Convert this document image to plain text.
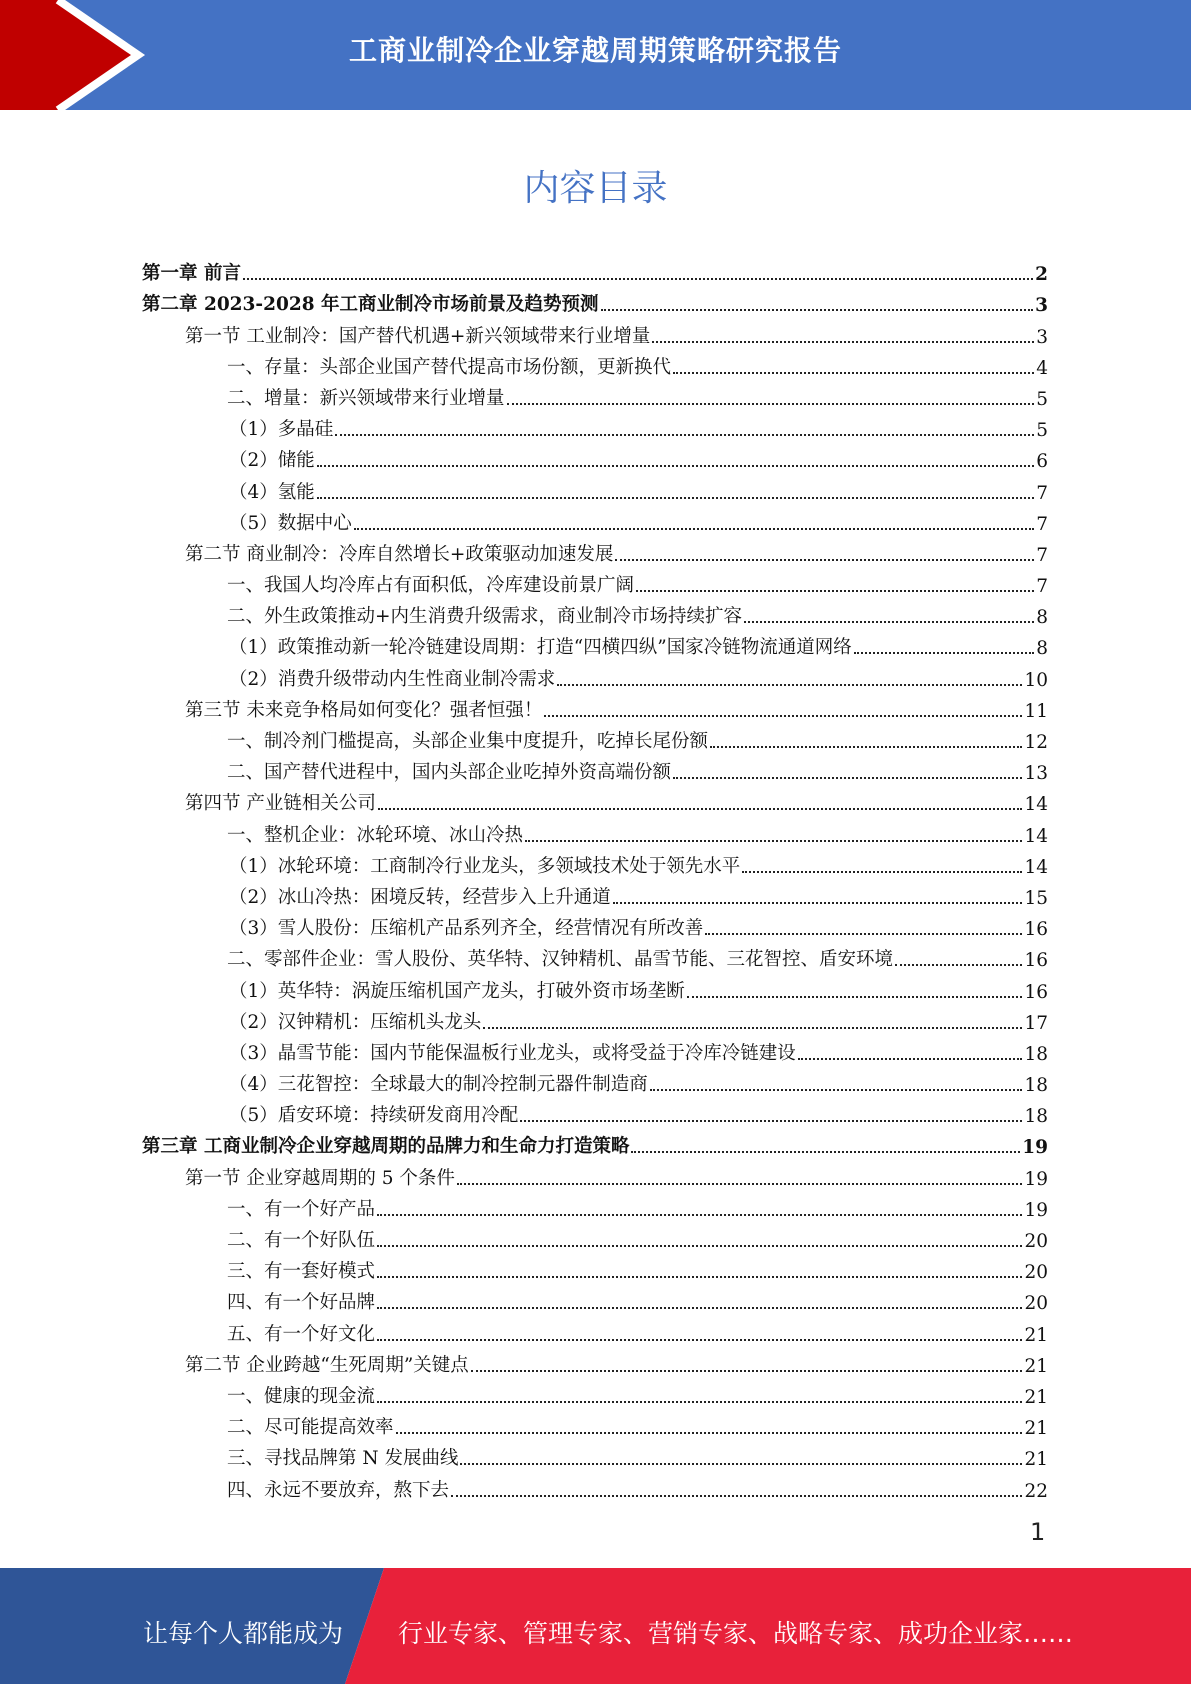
工商业制冷企业穿越周期策略研究报告
内容目录
第一章 前言	2
第二章 2023-2028 年工商业制冷市场前景及趋势预测	3
第一节 工业制冷：国产替代机遇+新兴领域带来行业增量	3
一、存量：头部企业国产替代提高市场份额，更新换代	4
二、增量：新兴领域带来行业增量	5
（1）多晶硅	5
（2）储能	6
（4）氢能	7
（5）数据中心	7
第二节 商业制冷：冷库自然增长+政策驱动加速发展	7
一、我国人均冷库占有面积低，冷库建设前景广阔	7
二、外生政策推动+内生消费升级需求，商业制冷市场持续扩容	8
（1）政策推动新一轮冷链建设周期：打造“四横四纵”国家冷链物流通道网络	8
（2）消费升级带动内生性商业制冷需求	10
第三节 未来竞争格局如何变化？强者恒强！	11
一、制冷剂门槛提高，头部企业集中度提升，吃掉长尾份额	12
二、国产替代进程中，国内头部企业吃掉外资高端份额	13
第四节 产业链相关公司	14
一、整机企业：冰轮环境、冰山冷热	14
（1）冰轮环境：工商制冷行业龙头，多领域技术处于领先水平	14
（2）冰山冷热：困境反转，经营步入上升通道	15
（3）雪人股份：压缩机产品系列齐全，经营情况有所改善	16
二、零部件企业：雪人股份、英华特、汉钟精机、晶雪节能、三花智控、盾安环境	16
（1）英华特：涡旋压缩机国产龙头，打破外资市场垄断	16
（2）汉钟精机：压缩机头龙头	17
（3）晶雪节能：国内节能保温板行业龙头，或将受益于冷库冷链建设	18
（4）三花智控：全球最大的制冷控制元器件制造商	18
（5）盾安环境：持续研发商用冷配	18
第三章 工商业制冷企业穿越周期的品牌力和生命力打造策略	19
第一节 企业穿越周期的 5 个条件	19
一、有一个好产品	19
二、有一个好队伍	20
三、有一套好模式	20
四、有一个好品牌	20
五、有一个好文化	21
第二节 企业跨越“生死周期”关键点	21
一、健康的现金流	21
二、尽可能提高效率	21
三、寻找品牌第 N 发展曲线	21
四、永远不要放弃，熬下去	22
1
让每个人都能成为 行业专家、管理专家、营销专家、战略专家、成功企业家……
